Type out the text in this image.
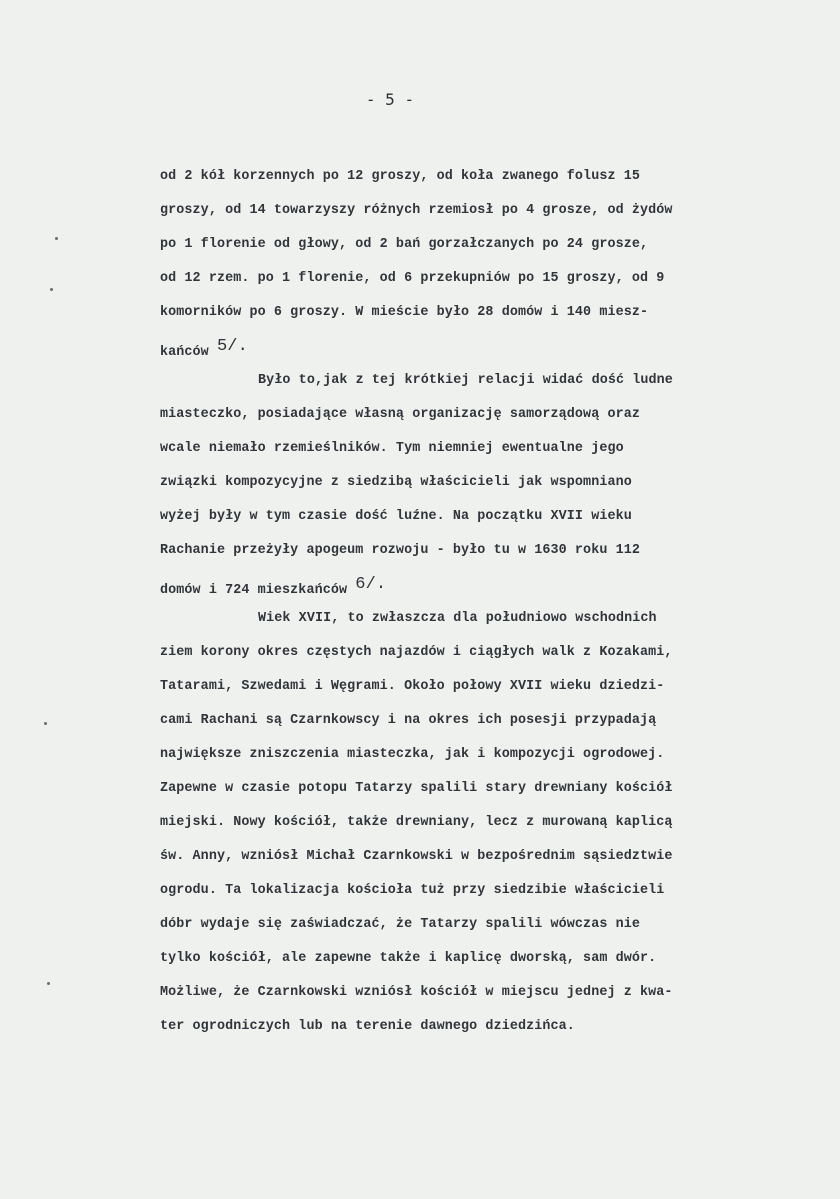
- 5 -
od 2 kół korzennych po 12 groszy, od koła zwanego folusz 15
groszy, od 14 towarzyszy różnych rzemiosł po 4 grosze, od żydów
po 1 florenie od głowy, od 2 bań gorzałczanych po 24 grosze,
od 12 rzem. po 1 florenie, od 6 przekupniów po 15 groszy, od 9
komorników po 6 groszy. W mieście było 28 domów i 140 miesz-
kańców 5/.
Było to,jak z tej krótkiej relacji widać dość ludne
miasteczko, posiadające własną organizację samorządową oraz
wcale niemało rzemieślników. Tym niemniej ewentualne jego
związki kompozycyjne z siedzibą właścicieli jak wspomniano
wyżej były w tym czasie dość luźne. Na początku XVII wieku
Rachanie przeżyły apogeum rozwoju - było tu w 1630 roku 112
domów i 724 mieszkańców 6/.
Wiek XVII, to zwłaszcza dla południowo wschodnich
ziem korony okres częstych najazdów i ciągłych walk z Kozakami,
Tatarami, Szwedami i Węgrami. Około połowy XVII wieku dziedzi-
cami Rachani są Czarnkowscy i na okres ich posesji przypadają
największe zniszczenia miasteczka, jak i kompozycji ogrodowej.
Zapewne w czasie potopu Tatarzy spalili stary drewniany kościół
miejski. Nowy kościół, także drewniany, lecz z murowaną kaplicą
św. Anny, wzniósł Michał Czarnkowski w bezpośrednim sąsiedztwie
ogrodu. Ta lokalizacja kościoła tuż przy siedzibie właścicieli
dóbr wydaje się zaświadczać, że Tatarzy spalili wówczas nie
tylko kościół, ale zapewne także i kaplicę dworską, sam dwór.
Możliwe, że Czarnkowski wzniósł kościół w miejscu jednej z kwa-
ter ogrodniczych lub na terenie dawnego dziedzińca.
